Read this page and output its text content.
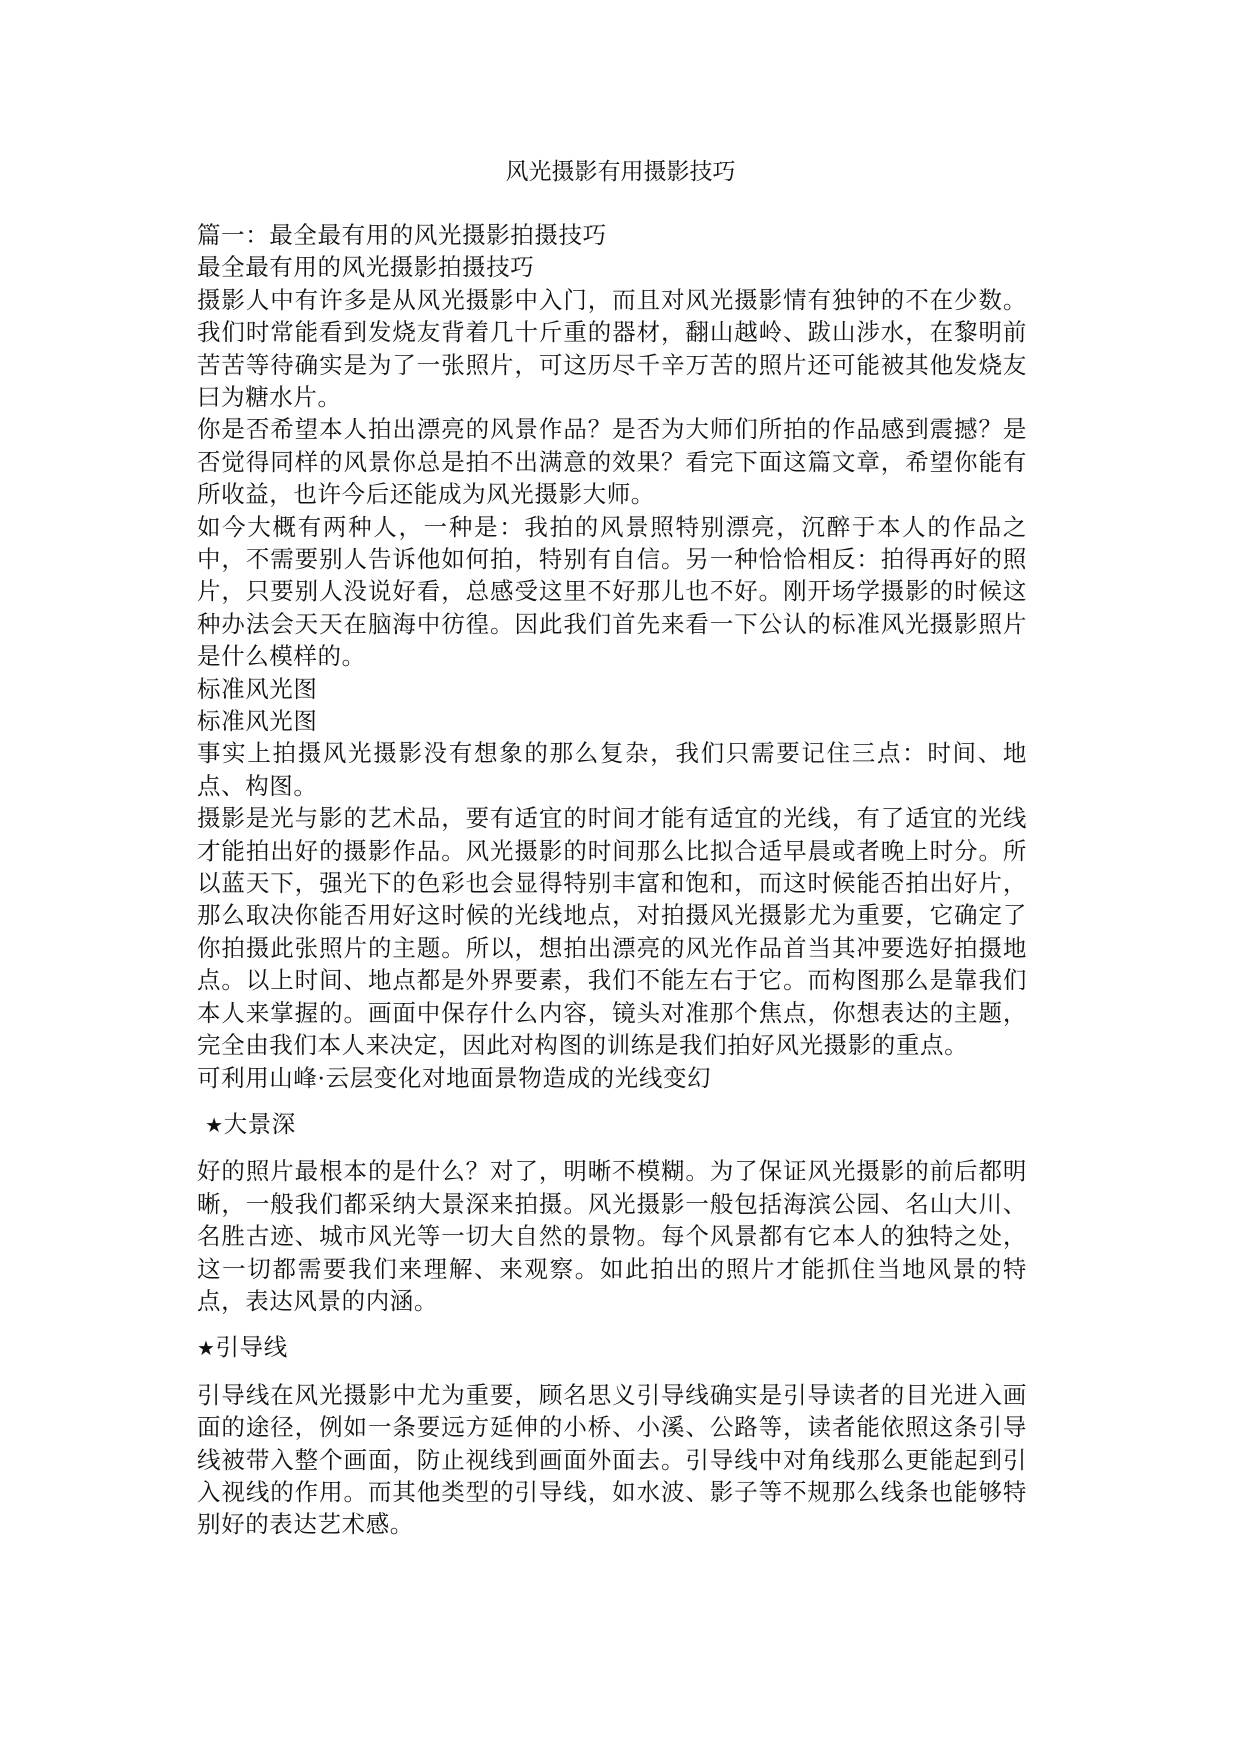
风光摄影有用摄影技巧
篇一：最全最有用的风光摄影拍摄技巧
最全最有用的风光摄影拍摄技巧

摄影人中有许多是从风光摄影中入门，而且对风光摄影情有独钟的不在少数。我们时常能看到发烧友背着几十斤重的器材，翻山越岭、跋山涉水，在黎明前苦苦等待确实是为了一张照片，可这历尽千辛万苦的照片还可能被其他发烧友曰为糖水片。

你是否希望本人拍出漂亮的风景作品？是否为大师们所拍的作品感到震撼？是否觉得同样的风景你总是拍不出满意的效果？看完下面这篇文章，希望你能有所收益，也许今后还能成为风光摄影大师。

如今大概有两种人，一种是：我拍的风景照特别漂亮，沉醉于本人的作品之中，不需要别人告诉他如何拍，特别有自信。另一种恰恰相反：拍得再好的照片，只要别人没说好看，总感受这里不好那儿也不好。刚开场学摄影的时候这种办法会天天在脑海中彷徨。因此我们首先来看一下公认的标准风光摄影照片是什么模样的。

标准风光图
标准风光图

事实上拍摄风光摄影没有想象的那么复杂，我们只需要记住三点：时间、地点、构图。

摄影是光与影的艺术品，要有适宜的时间才能有适宜的光线，有了适宜的光线才能拍出好的摄影作品。风光摄影的时间那么比拟合适早晨或者晚上时分。所以蓝天下，强光下的色彩也会显得特别丰富和饱和，而这时候能否拍出好片，那么取决你能否用好这时候的光线地点，对拍摄风光摄影尤为重要，它确定了你拍摄此张照片的主题。所以，想拍出漂亮的风光作品首当其冲要选好拍摄地点。以上时间、地点都是外界要素，我们不能左右于它。而构图那么是靠我们本人来掌握的。画面中保存什么内容，镜头对准那个焦点，你想表达的主题，完全由我们本人来决定，因此对构图的训练是我们拍好风光摄影的重点。

可利用山峰·云层变化对地面景物造成的光线变幻
★大景深

好的照片最根本的是什么？对了，明晰不模糊。为了保证风光摄影的前后都明晰，一般我们都采纳大景深来拍摄。风光摄影一般包括海滨公园、名山大川、名胜古迹、城市风光等一切大自然的景物。每个风景都有它本人的独特之处，这一切都需要我们来理解、来观察。如此拍出的照片才能抓住当地风景的特点，表达风景的内涵。

★引导线

引导线在风光摄影中尤为重要，顾名思义引导线确实是引导读者的目光进入画面的途径，例如一条要远方延伸的小桥、小溪、公路等，读者能依照这条引导线被带入整个画面，防止视线到画面外面去。引导线中对角线那么更能起到引入视线的作用。而其他类型的引导线，如水波、影子等不规那么线条也能够特别好的表达艺术感。
